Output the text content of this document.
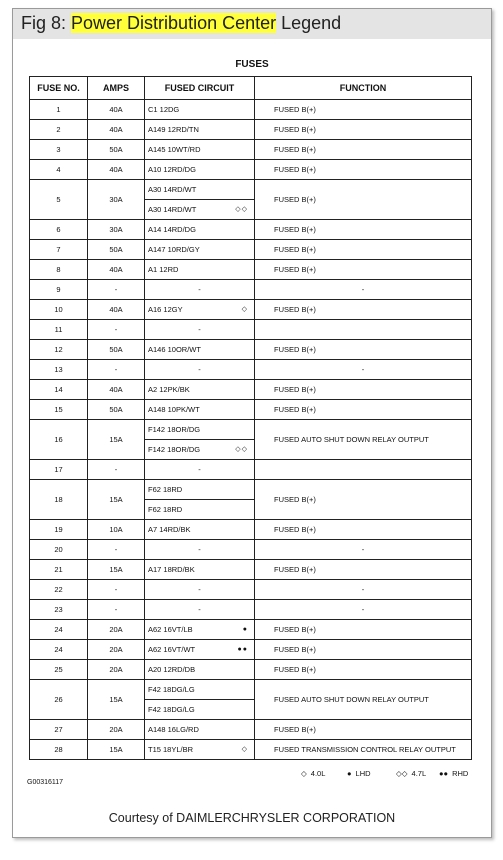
Fig 8: Power Distribution Center Legend
FUSES
FUSE NO.	AMPS	FUSED CIRCUIT	FUNCTION
1	40A	C1 12DG	FUSED B(+)
2	40A	A149 12RD/TN	FUSED B(+)
3	50A	A145 10WT/RD	FUSED B(+)
4	40A	A10 12RD/DG	FUSED B(+)
5	30A	A30 14RD/WT	FUSED B(+)
		A30 14RD/WT ◇◇	

6	30A	A14 14RD/DG	FUSED B(+)
7	50A	A147 10RD/GY	FUSED B(+)
8	40A	A1 12RD	FUSED B(+)
9	-	-	-
10	40A	A16 12GY ◇	FUSED B(+)
11	-	-	
12	50A	A146 10OR/WT	FUSED B(+)
13	-	-	-
14	40A	A2 12PK/BK	FUSED B(+)
15	50A	A148 10PK/WT	FUSED B(+)
16	15A	F142 18OR/DG	FUSED AUTO SHUT DOWN RELAY OUTPUT
		F142 18OR/DG ◇◇	

17	-	-	
18	15A	F62 18RD	FUSED B(+)
		F62 18RD	
19	10A	A7 14RD/BK	FUSED B(+)
20	-	-	-
21	15A	A17 18RD/BK	FUSED B(+)
22	-	-	-
23	-	-	-
24	20A	A62 16VT/LB ●	FUSED B(+)
24	20A	A62 16VT/WT ●●	FUSED B(+)
25	20A	A20 12RD/DB	FUSED B(+)
26	15A	F42 18DG/LG	FUSED AUTO SHUT DOWN RELAY OUTPUT
		F42 18DG/LG	
27	20A	A148 16LG/RD	FUSED B(+)
28	15A	T15 18YL/BR ◇	FUSED TRANSMISSION CONTROL RELAY OUTPUT
◇ 4.0L	● LHD	◇◇ 4.7L ●● RHD
G00316117
Courtesy of DAIMLERCHRYSLER CORPORATION
